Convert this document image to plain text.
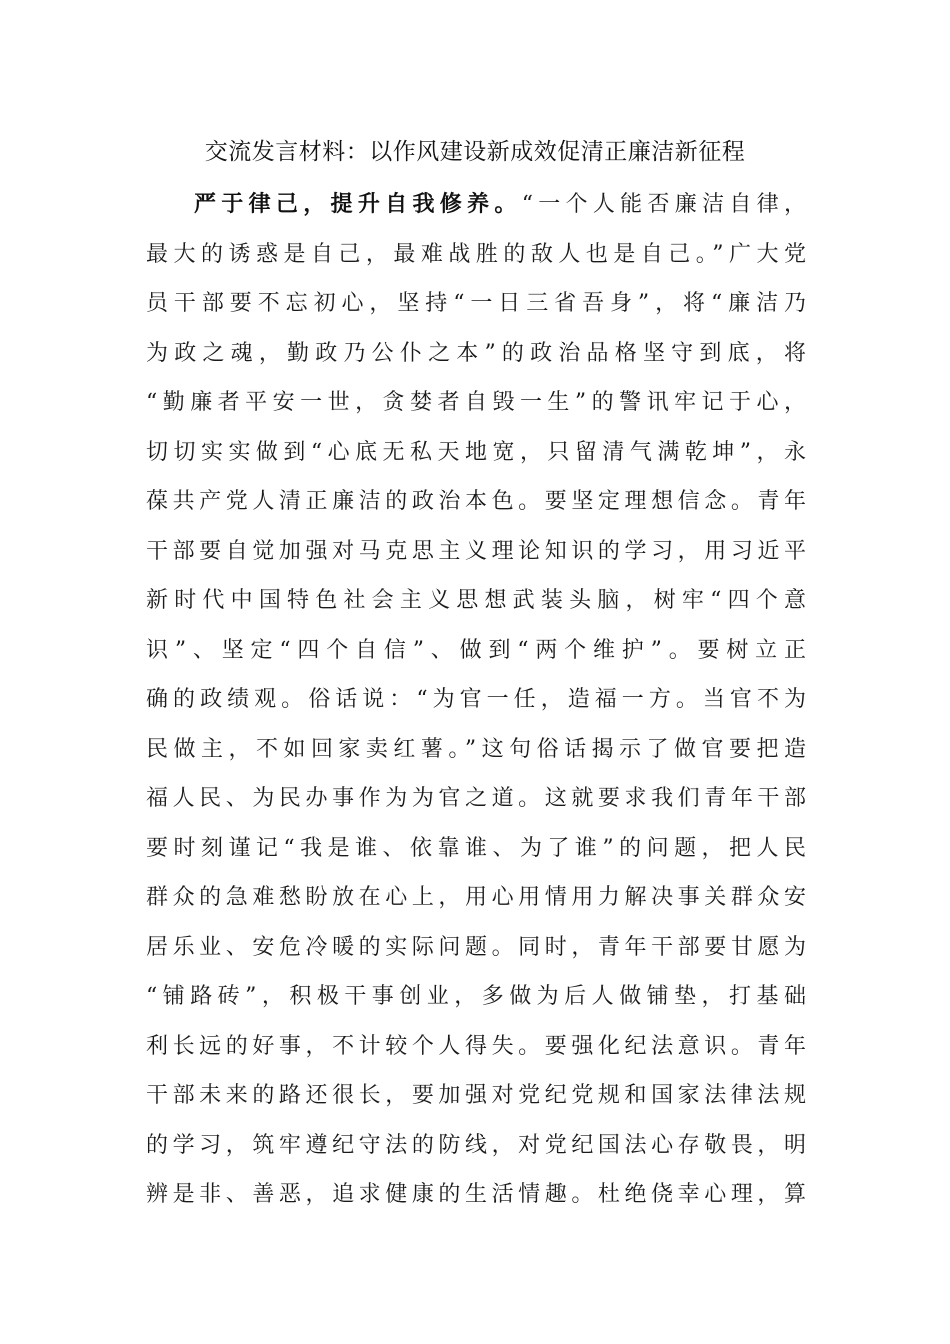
交流发言材料：以作风建设新成效促清正廉洁新征程
严于律己，提升自我修养。“一个人能否廉洁自律，
最大的诱惑是自己，最难战胜的敌人也是自己。”广大党
员干部要不忘初心，坚持“一日三省吾身”，将“廉洁乃
为政之魂，勤政乃公仆之本”的政治品格坚守到底，将
“勤廉者平安一世，贪婪者自毁一生”的警讯牢记于心，
切切实实做到“心底无私天地宽，只留清气满乾坤”，永
葆共产党人清正廉洁的政治本色。要坚定理想信念。青年
干部要自觉加强对马克思主义理论知识的学习，用习近平
新时代中国特色社会主义思想武装头脑，树牢“四个意
识”、坚定“四个自信”、做到“两个维护”。要树立正
确的政绩观。俗话说：“为官一任，造福一方。当官不为
民做主，不如回家卖红薯。”这句俗话揭示了做官要把造
福人民、为民办事作为为官之道。这就要求我们青年干部
要时刻谨记“我是谁、依靠谁、为了谁”的问题，把人民
群众的急难愁盼放在心上，用心用情用力解决事关群众安
居乐业、安危冷暖的实际问题。同时，青年干部要甘愿为
“铺路砖”，积极干事创业，多做为后人做铺垫，打基础
利长远的好事，不计较个人得失。要强化纪法意识。青年
干部未来的路还很长，要加强对党纪党规和国家法律法规
的学习，筑牢遵纪守法的防线，对党纪国法心存敬畏，明
辨是非、善恶，追求健康的生活情趣。杜绝侥幸心理，算
